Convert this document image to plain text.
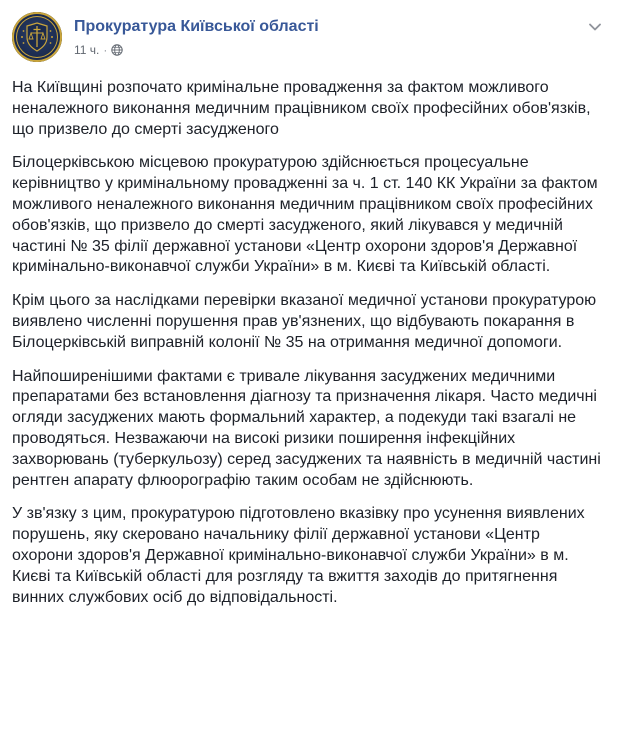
Прокуратура Київської області
11 ч. ·

На Київщині розпочато кримінальне провадження за фактом можливого неналежного виконання медичним працівником своїх професійних обов'язків, що призвело до смерті засудженого

Білоцерківською місцевою прокуратурою здійснюється процесуальне керівництво у кримінальному провадженні за ч. 1 ст. 140 КК України за фактом можливого неналежного виконання медичним працівником своїх професійних обов'язків, що призвело до смерті засудженого, який лікувався у медичній частині № 35 філії державної установи «Центр охорони здоров'я Державної кримінально-виконавчої служби України» в м. Києві та Київській області.

Крім цього за наслідками перевірки вказаної медичної установи прокуратурою виявлено численні порушення прав ув'язнених, що відбувають покарання в Білоцерківській виправній колонії № 35 на отримання медичної допомоги.

Найпоширенішими фактами є тривале лікування засуджених медичними препаратами без встановлення діагнозу та призначення лікаря. Часто медичні огляди засуджених мають формальний характер, а подекуди такі взагалі не проводяться. Незважаючи на високі ризики поширення інфекційних захворювань (туберкульозу) серед засуджених та наявність в медичній частині рентген апарату флюорографію таким особам не здійснюють.

У зв'язку з цим, прокуратурою підготовлено вказівку про усунення виявлених порушень, яку скеровано начальнику філії державної установи «Центр охорони здоров'я Державної кримінально-виконавчої служби України» в м. Києві та Київській області для розгляду та вжиття заходів до притягнення винних службових осіб до відповідальності.
